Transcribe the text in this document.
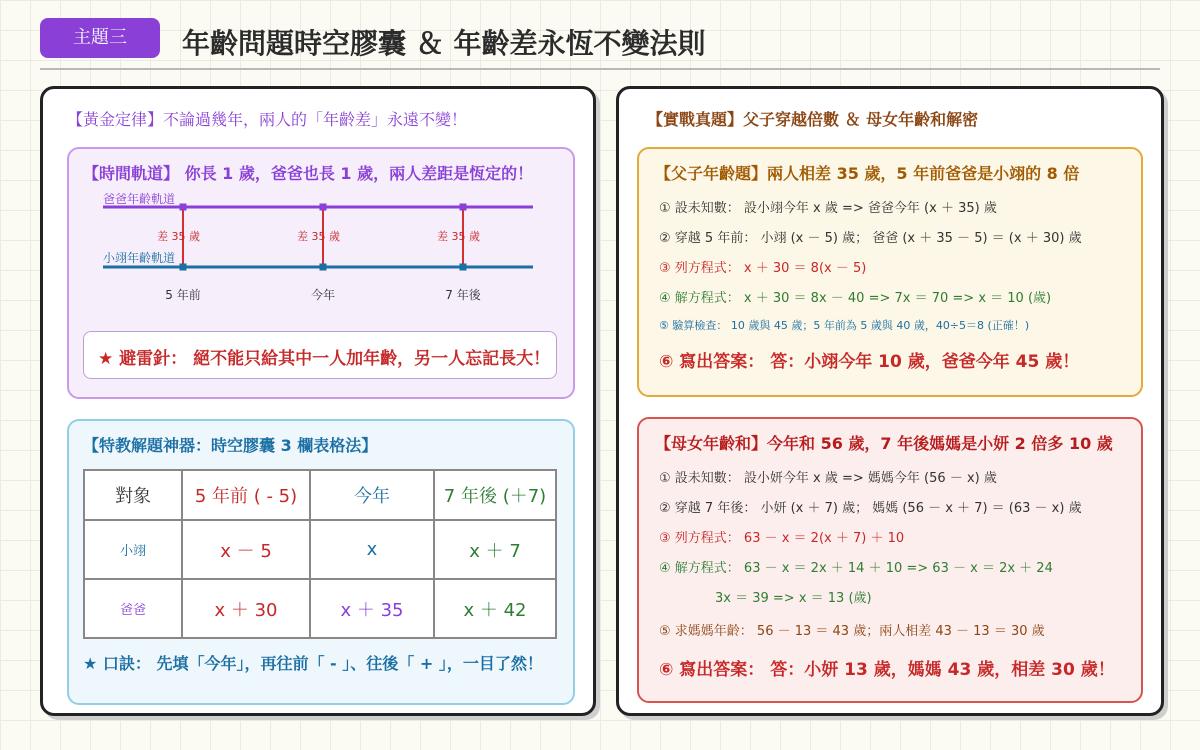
主題三	年齡問題時空膠囊 ＆ 年齡差永恆不變法則
【黃金定律】不論過幾年，兩人的「年齡差」永遠不變！
【時間軌道】 你長 1 歲，爸爸也長 1 歲，兩人差距是恆定的！
小翊年齡軌道
爸爸年齡軌道
差 35 歲	差 35 歲	差 35 歲
5 年前	今年	7 年後
★ 避雷針： 絕不能只給其中一人加年齡，另一人忘記長大！
【特教解題神器：時空膠囊 3 欄表格法】
對象	5 年前 ( - 5)	今年	7 年後 (＋7)
小翊	x － 5	x	x ＋ 7
爸爸	x ＋ 30	x ＋ 35	x ＋ 42
★ 口訣： 先填「今年」，再往前「 - 」、往後「 + 」，一目了然！
【實戰真題】父子穿越倍數 ＆ 母女年齡和解密
【父子年齡題】兩人相差 35 歲，5 年前爸爸是小翊的 8 倍
① 設未知數： 設小翊今年 x 歲 => 爸爸今年 (x ＋ 35) 歲
② 穿越 5 年前： 小翊 (x － 5) 歲； 爸爸 (x ＋ 35 － 5) ＝ (x ＋ 30) 歲
③ 列方程式： x ＋ 30 ＝ 8(x － 5)
④ 解方程式： x ＋ 30 ＝ 8x － 40 => 7x ＝ 70 => x ＝ 10 (歲)
⑤ 驗算檢查： 10 歲與 45 歲；5 年前為 5 歲與 40 歲，40÷5＝8 (正確！)
⑥ 寫出答案： 答：小翊今年 10 歲，爸爸今年 45 歲！
【母女年齡和】今年和 56 歲，7 年後媽媽是小妍 2 倍多 10 歲
① 設未知數： 設小妍今年 x 歲 => 媽媽今年 (56 － x) 歲
② 穿越 7 年後： 小妍 (x ＋ 7) 歲； 媽媽 (56 － x ＋ 7) ＝ (63 － x) 歲
③ 列方程式： 63 － x ＝ 2(x ＋ 7) ＋ 10
④ 解方程式： 63 － x ＝ 2x ＋ 14 ＋ 10 => 63 － x ＝ 2x ＋ 24
3x ＝ 39 => x ＝ 13 (歲)
⑤ 求媽媽年齡： 56 － 13 ＝ 43 歲；兩人相差 43 － 13 ＝ 30 歲
⑥ 寫出答案： 答：小妍 13 歲，媽媽 43 歲，相差 30 歲！
